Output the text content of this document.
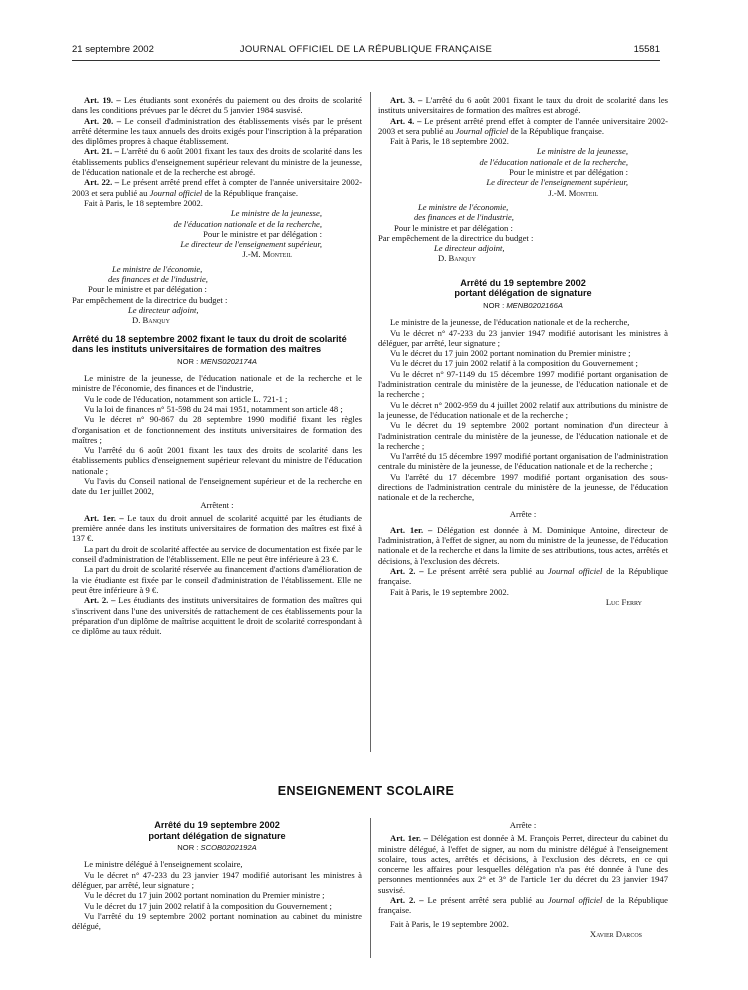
21 septembre 2002	JOURNAL OFFICIEL DE LA RÉPUBLIQUE FRANÇAISE	15581

Art. 19. – Les étudiants sont exonérés du paiement ou des droits de scolarité dans les conditions prévues par le décret du 5 janvier 1984 susvisé.

Art. 20. – Le conseil d'administration des établissements visés par le présent arrêté détermine les taux annuels des droits exigés pour l'inscription à la préparation des diplômes propres à chaque établissement.

Art. 21. – L'arrêté du 6 août 2001 fixant les taux des droits de scolarité dans les établissements publics d'enseignement supérieur relevant du ministre de la jeunesse, de l'éducation nationale et de la recherche est abrogé.

Art. 22. – Le présent arrêté prend effet à compter de l'année universitaire 2002-2003 et sera publié au Journal officiel de la République française.

Fait à Paris, le 18 septembre 2002.

Le ministre de la jeunesse,

de l'éducation nationale et de la recherche,

Pour le ministre et par délégation :

Le directeur de l'enseignement supérieur,

J.-M. Monteil

Le ministre de l'économie,

des finances et de l'industrie,

Pour le ministre et par délégation :

Par empêchement de la directrice du budget :

Le directeur adjoint,

D. Banquy

Arrêté du 18 septembre 2002 fixant le taux du droit de scolarité dans les instituts universitaires de formation des maîtres

NOR : MENS0202174A

Le ministre de la jeunesse, de l'éducation nationale et de la recherche et le ministre de l'économie, des finances et de l'industrie,

Vu le code de l'éducation, notamment son article L. 721-1 ;

Vu la loi de finances n° 51-598 du 24 mai 1951, notamment son article 48 ;

Vu le décret n° 90-867 du 28 septembre 1990 modifié fixant les règles d'organisation et de fonctionnement des instituts universitaires de formation des maîtres ;

Vu l'arrêté du 6 août 2001 fixant les taux des droits de scolarité dans les établissements publics d'enseignement supérieur relevant du ministre de l'éducation nationale ;

Vu l'avis du Conseil national de l'enseignement supérieur et de la recherche en date du 1er juillet 2002,

Arrêtent :

Art. 1er. – Le taux du droit annuel de scolarité acquitté par les étudiants de première année dans les instituts universitaires de formation des maîtres est fixé à 137 €.

La part du droit de scolarité affectée au service de documentation est fixée par le conseil d'administration de l'établissement. Elle ne peut être inférieure à 23 €.

La part du droit de scolarité réservée au financement d'actions d'amélioration de la vie étudiante est fixée par le conseil d'administration de l'établissement. Elle ne peut être inférieure à 9 €.

Art. 2. – Les étudiants des instituts universitaires de formation des maîtres qui s'inscrivent dans l'une des universités de rattachement de ces établissements pour la préparation d'un diplôme de maîtrise acquittent le droit de scolarité correspondant à ce diplôme au taux réduit.

Art. 3. – L'arrêté du 6 août 2001 fixant le taux du droit de scolarité dans les instituts universitaires de formation des maîtres est abrogé.

Art. 4. – Le présent arrêté prend effet à compter de l'année universitaire 2002-2003 et sera publié au Journal officiel de la République française.

Fait à Paris, le 18 septembre 2002.

Le ministre de la jeunesse,

de l'éducation nationale et de la recherche,

Pour le ministre et par délégation :

Le directeur de l'enseignement supérieur,

J.-M. Monteil

Le ministre de l'économie,

des finances et de l'industrie,

Pour le ministre et par délégation :

Par empêchement de la directrice du budget :

Le directeur adjoint,

D. Banquy

Arrêté du 19 septembre 2002
portant délégation de signature

NOR : MENB0202166A

Le ministre de la jeunesse, de l'éducation nationale et de la recherche,

Vu le décret n° 47-233 du 23 janvier 1947 modifié autorisant les ministres à déléguer, par arrêté, leur signature ;

Vu le décret du 17 juin 2002 portant nomination du Premier ministre ;

Vu le décret du 17 juin 2002 relatif à la composition du Gouvernement ;

Vu le décret n° 97-1149 du 15 décembre 1997 modifié portant organisation de l'administration centrale du ministère de la jeunesse, de l'éducation nationale et de la recherche ;

Vu le décret n° 2002-959 du 4 juillet 2002 relatif aux attributions du ministre de la jeunesse, de l'éducation nationale et de la recherche ;

Vu le décret du 19 septembre 2002 portant nomination d'un directeur à l'administration centrale du ministère de la jeunesse, de l'éducation nationale et de la recherche ;

Vu l'arrêté du 15 décembre 1997 modifié portant organisation de l'administration centrale du ministère de la jeunesse, de l'éducation nationale et de la recherche ;

Vu l'arrêté du 17 décembre 1997 modifié portant organisation des sous-directions de l'administration centrale du ministère de la jeunesse, de l'éducation nationale et de la recherche,

Arrête :

Art. 1er. – Délégation est donnée à M. Dominique Antoine, directeur de l'administration, à l'effet de signer, au nom du ministre de la jeunesse, de l'éducation nationale et de la recherche et dans la limite de ses attributions, tous actes, arrêtés et décisions, à l'exclusion des décrets.

Art. 2. – Le présent arrêté sera publié au Journal officiel de la République française.

Fait à Paris, le 19 septembre 2002.

Luc Ferry

ENSEIGNEMENT SCOLAIRE

Arrêté du 19 septembre 2002
portant délégation de signature

NOR : SCOB0202192A

Le ministre délégué à l'enseignement scolaire,

Vu le décret n° 47-233 du 23 janvier 1947 modifié autorisant les ministres à déléguer, par arrêté, leur signature ;

Vu le décret du 17 juin 2002 portant nomination du Premier ministre ;

Vu le décret du 17 juin 2002 relatif à la composition du Gouvernement ;

Vu l'arrêté du 19 septembre 2002 portant nomination au cabinet du ministre délégué,

Arrête :

Art. 1er. – Délégation est donnée à M. François Perret, directeur du cabinet du ministre délégué, à l'effet de signer, au nom du ministre délégué à l'enseignement scolaire, tous actes, arrêtés et décisions, à l'exclusion des décrets, en ce qui concerne les affaires pour lesquelles délégation n'a pas été donnée à l'une des personnes mentionnées aux 2° et 3° de l'article 1er du décret du 23 janvier 1947 susvisé.

Art. 2. – Le présent arrêté sera publié au Journal officiel de la République française.

Fait à Paris, le 19 septembre 2002.

Xavier Darcos
